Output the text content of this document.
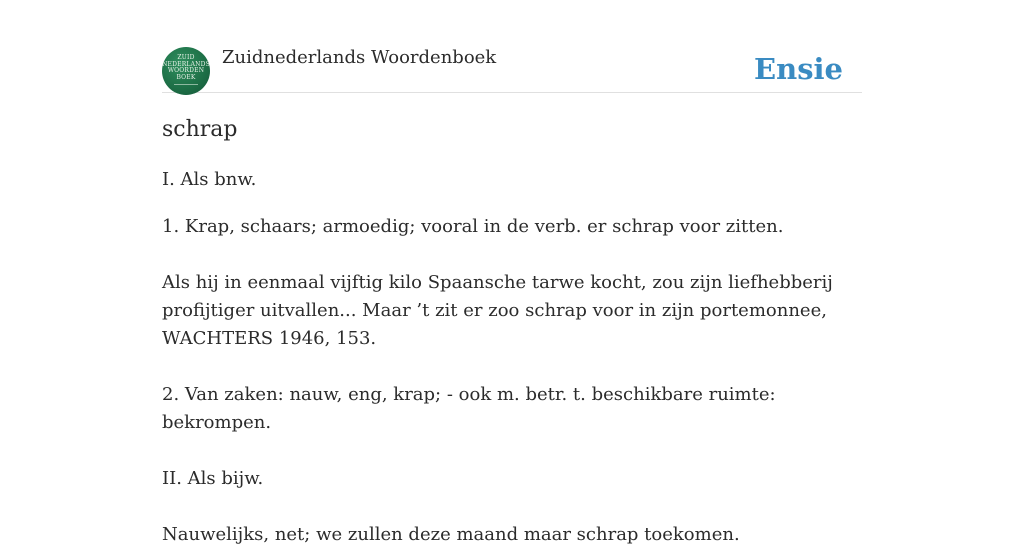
ZUID
NEDERLANDS
WOORDEN
BOEK
Zuidnederlands Woordenboek	Ensie
schrap

I. Als bnw.

1. Krap, schaars; armoedig; vooral in de verb. er schrap voor zitten.

Als hij in eenmaal vijftig kilo Spaansche tarwe kocht, zou zijn liefhebberij profijtiger uitvallen... Maar ’t zit er zoo schrap voor in zijn portemonnee, WACHTERS 1946, 153.

2. Van zaken: nauw, eng, krap; - ook m. betr. t. beschikbare ruimte: bekrompen.

II. Als bijw.

Nauwelijks, net; we zullen deze maand maar schrap toekomen.
